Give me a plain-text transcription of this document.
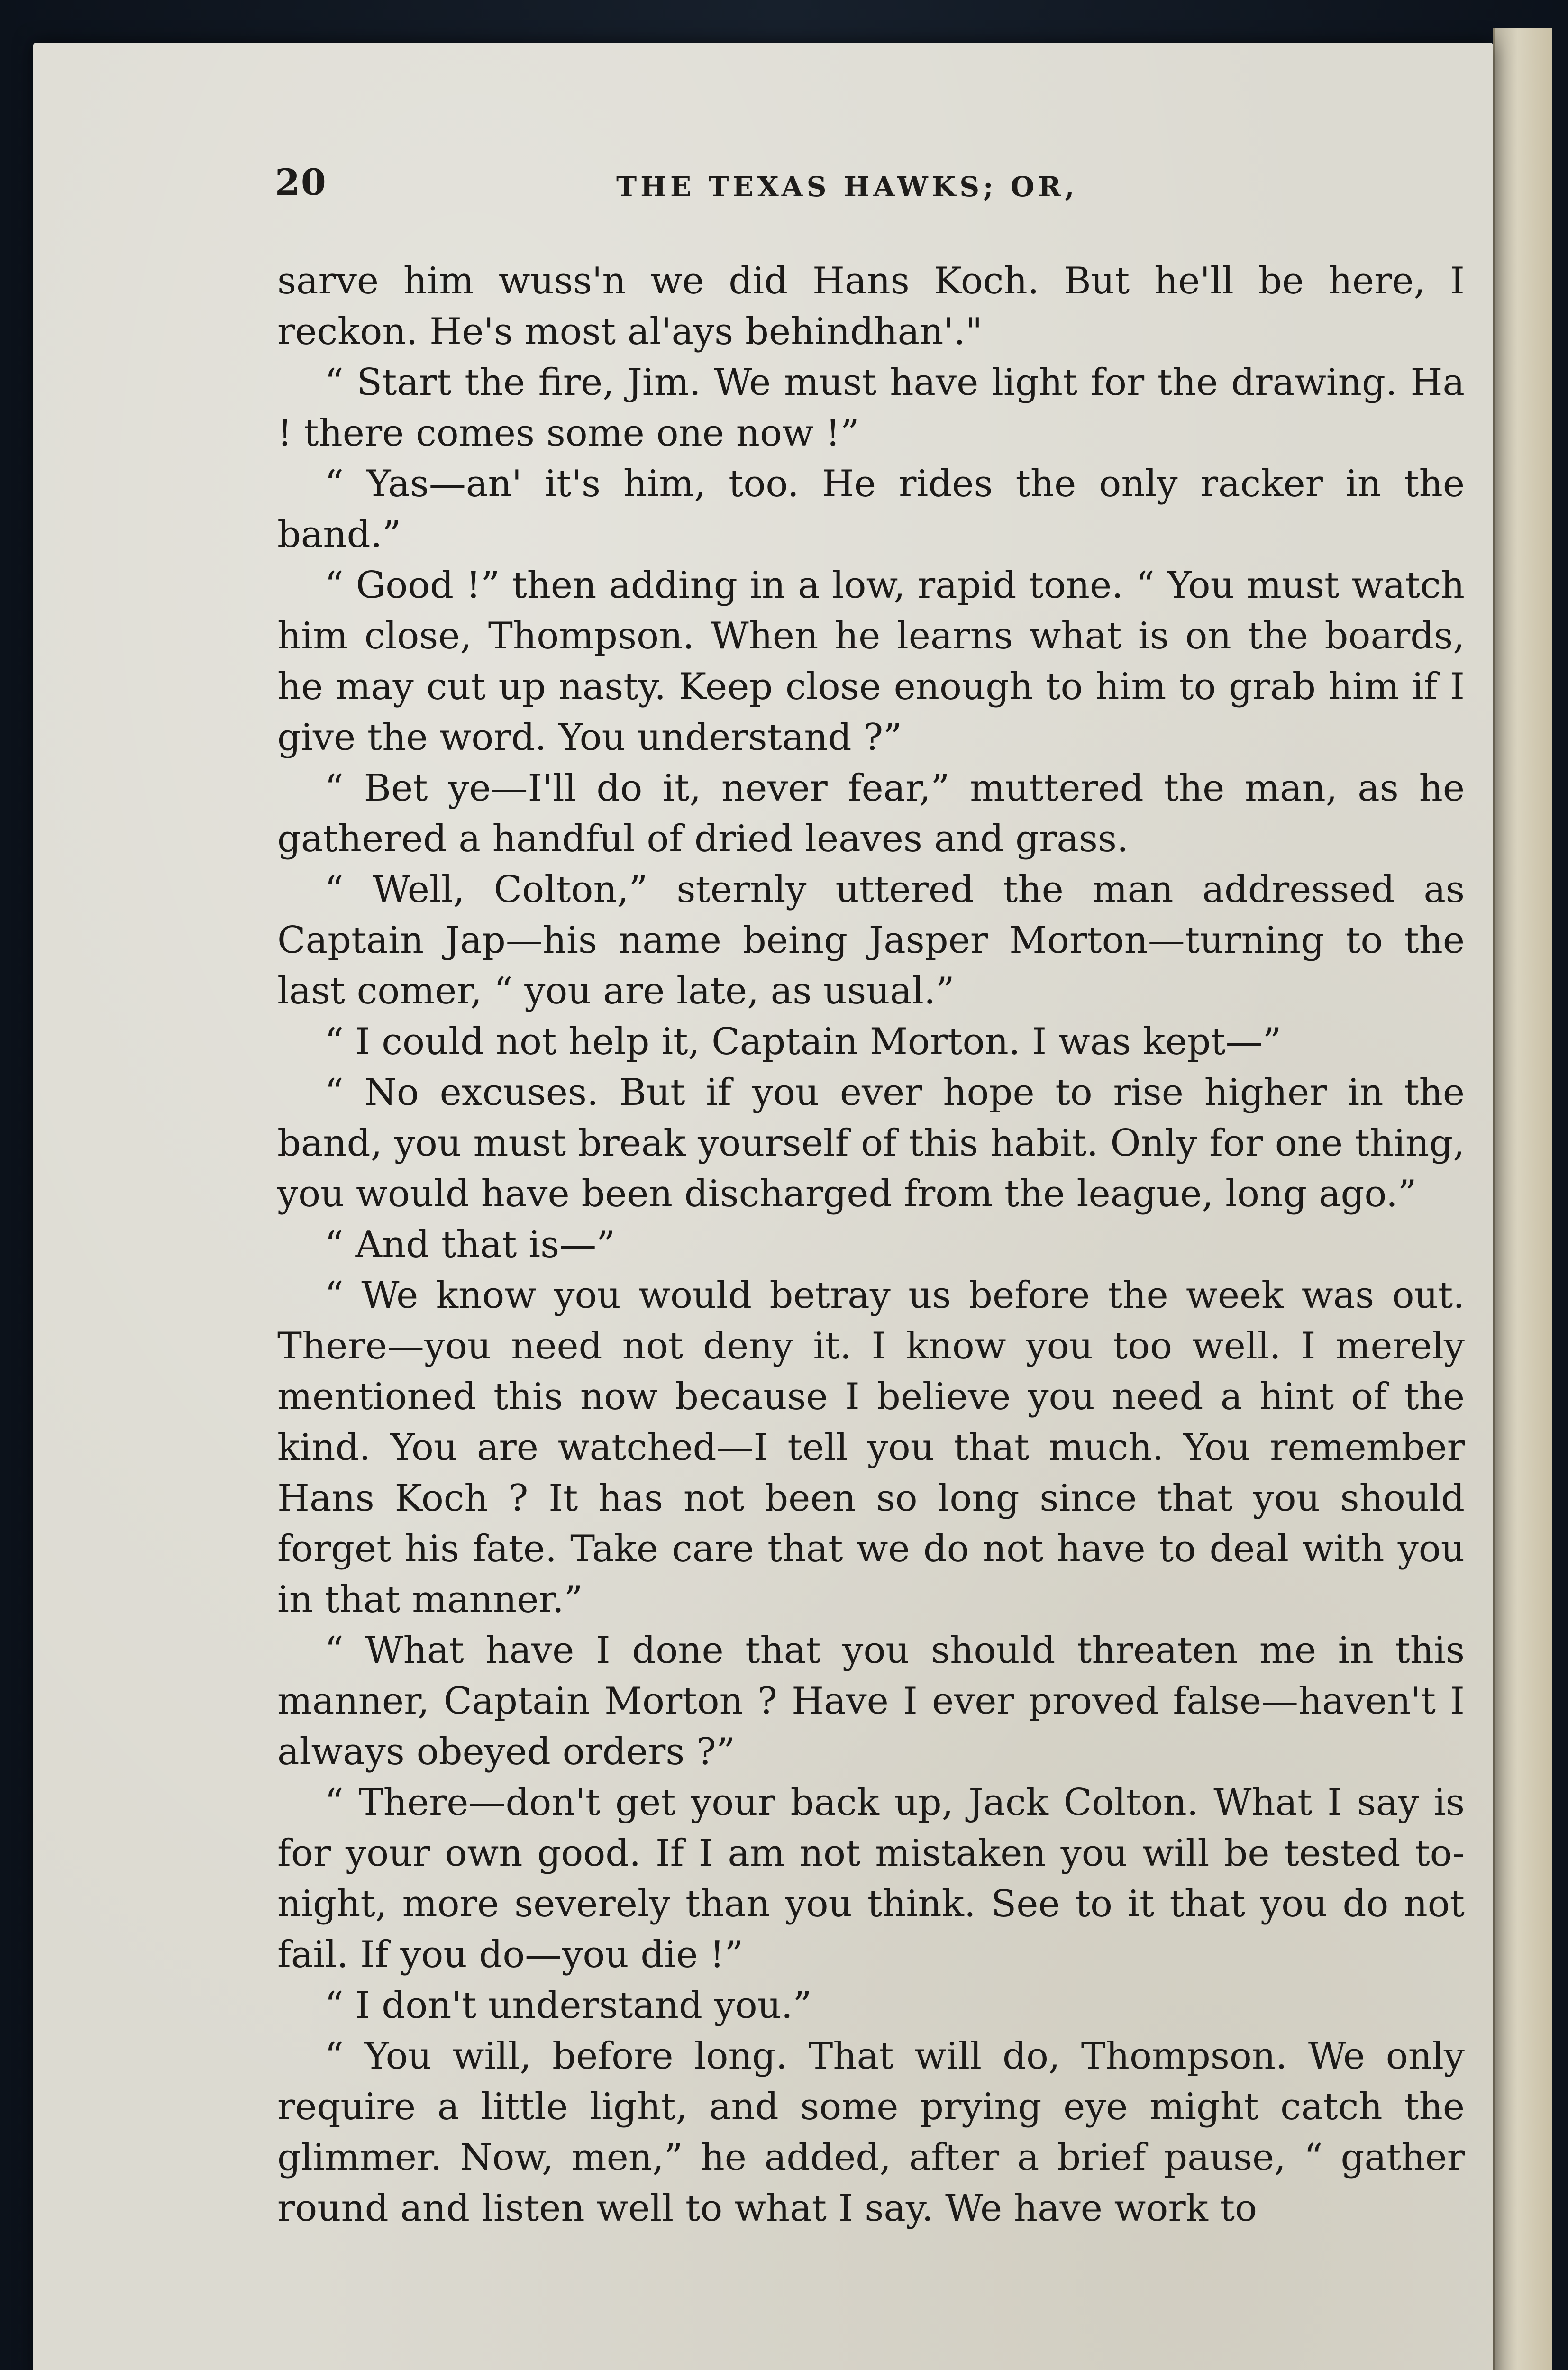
20	THE TEXAS HAWKS; OR,

sarve him wuss'n we did Hans Koch. But he'll be here, I reckon. He's most al'ays behindhan'."

“ Start the fire, Jim. We must have light for the drawing. Ha ! there comes some one now !”

“ Yas—an' it's him, too. He rides the only racker in the band.”

“ Good !” then adding in a low, rapid tone. “ You must watch him close, Thompson. When he learns what is on the boards, he may cut up nasty. Keep close enough to him to grab him if I give the word. You understand ?”

“ Bet ye—I'll do it, never fear,” muttered the man, as he gathered a handful of dried leaves and grass.

“ Well, Colton,” sternly uttered the man addressed as Captain Jap—his name being Jasper Morton—turning to the last comer, “ you are late, as usual.”

“ I could not help it, Captain Morton. I was kept—”

“ No excuses. But if you ever hope to rise higher in the band, you must break yourself of this habit. Only for one thing, you would have been discharged from the league, long ago.”

“ And that is—”

“ We know you would betray us before the week was out. There—you need not deny it. I know you too well. I merely mentioned this now because I believe you need a hint of the kind. You are watched—I tell you that much. You remember Hans Koch ? It has not been so long since that you should forget his fate. Take care that we do not have to deal with you in that manner.”

“ What have I done that you should threaten me in this manner, Captain Morton ? Have I ever proved false—haven't I always obeyed orders ?”

“ There—don't get your back up, Jack Colton. What I say is for your own good. If I am not mistaken you will be tested to-night, more severely than you think. See to it that you do not fail. If you do—you die !”

“ I don't understand you.”

“ You will, before long. That will do, Thompson. We only require a little light, and some prying eye might catch the glimmer. Now, men,” he added, after a brief pause, “ gather round and listen well to what I say. We have work to
